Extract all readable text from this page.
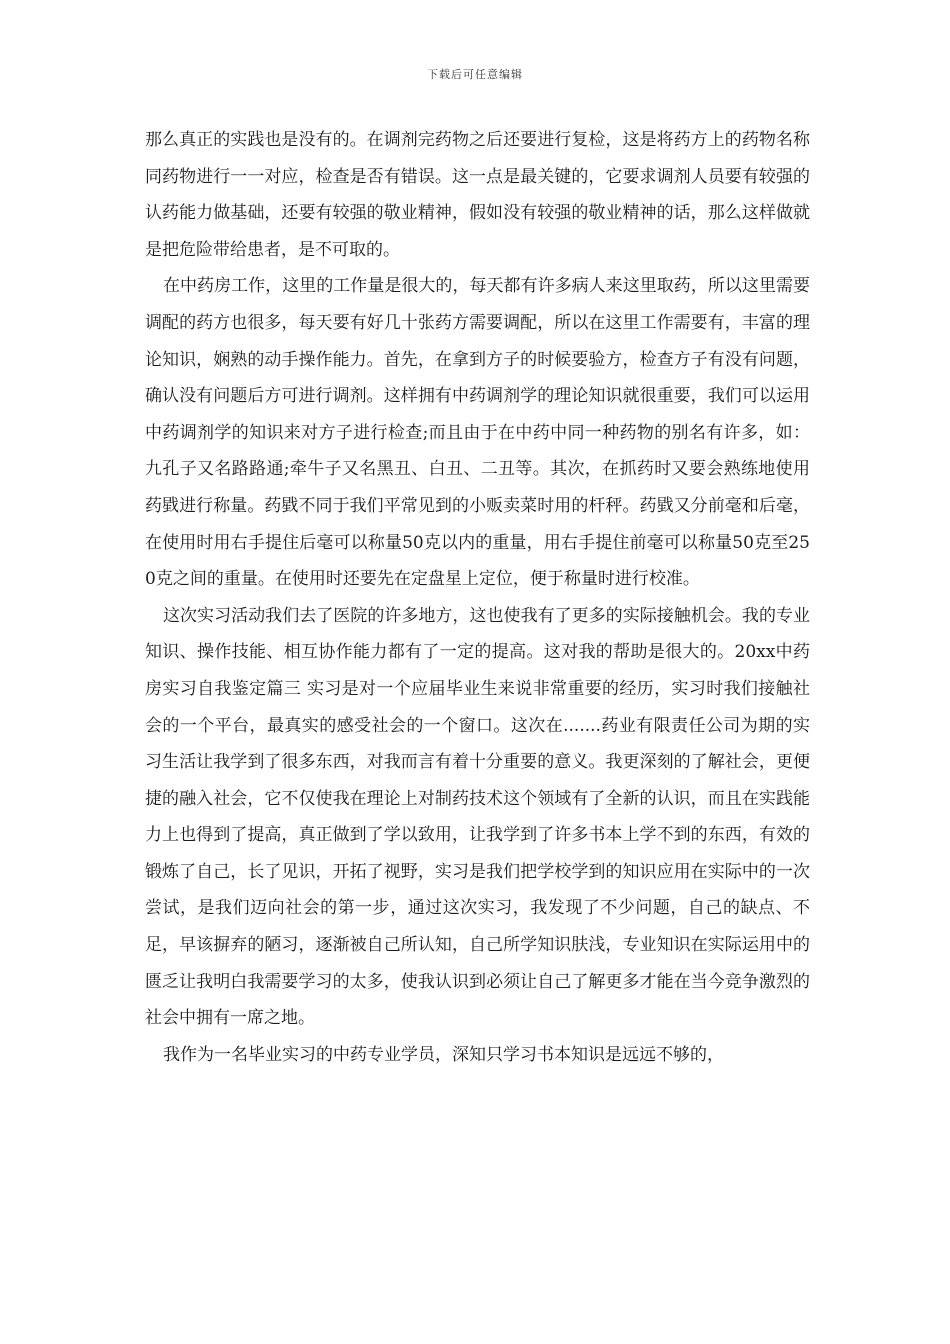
下载后可任意编辑

那么真正的实践也是没有的。在调剂完药物之后还要进行复检，这是将药方上的药物名称同药物进行一一对应，检查是否有错误。这一点是最关键的，它要求调剂人员要有较强的认药能力做基础，还要有较强的敬业精神，假如没有较强的敬业精神的话，那么这样做就是把危险带给患者，是不可取的。

在中药房工作，这里的工作量是很大的，每天都有许多病人来这里取药，所以这里需要调配的药方也很多，每天要有好几十张药方需要调配，所以在这里工作需要有，丰富的理论知识，娴熟的动手操作能力。首先，在拿到方子的时候要验方，检查方子有没有问题，确认没有问题后方可进行调剂。这样拥有中药调剂学的理论知识就很重要，我们可以运用中药调剂学的知识来对方子进行检查;而且由于在中药中同一种药物的别名有许多，如：九孔子又名路路通;牵牛子又名黑丑、白丑、二丑等。其次，在抓药时又要会熟练地使用药戥进行称量。药戥不同于我们平常见到的小贩卖菜时用的杆秤。药戥又分前毫和后毫，在使用时用右手提住后毫可以称量50克以内的重量，用右手提住前毫可以称量50克至250克之间的重量。在使用时还要先在定盘星上定位，便于称量时进行校准。

这次实习活动我们去了医院的许多地方，这也使我有了更多的实际接触机会。我的专业知识、操作技能、相互协作能力都有了一定的提高。这对我的帮助是很大的。20xx中药房实习自我鉴定篇三 实习是对一个应届毕业生来说非常重要的经历，实习时我们接触社会的一个平台，最真实的感受社会的一个窗口。这次在.......药业有限责任公司为期的实习生活让我学到了很多东西，对我而言有着十分重要的意义。我更深刻的了解社会，更便捷的融入社会，它不仅使我在理论上对制药技术这个领域有了全新的认识，而且在实践能力上也得到了提高，真正做到了学以致用，让我学到了许多书本上学不到的东西，有效的锻炼了自己，长了见识，开拓了视野，实习是我们把学校学到的知识应用在实际中的一次尝试，是我们迈向社会的第一步，通过这次实习，我发现了不少问题，自己的缺点、不足，早该摒弃的陋习，逐渐被自己所认知，自己所学知识肤浅，专业知识在实际运用中的匮乏让我明白我需要学习的太多，使我认识到必须让自己了解更多才能在当今竞争激烈的社会中拥有一席之地。

我作为一名毕业实习的中药专业学员，深知只学习书本知识是远远不够的，
